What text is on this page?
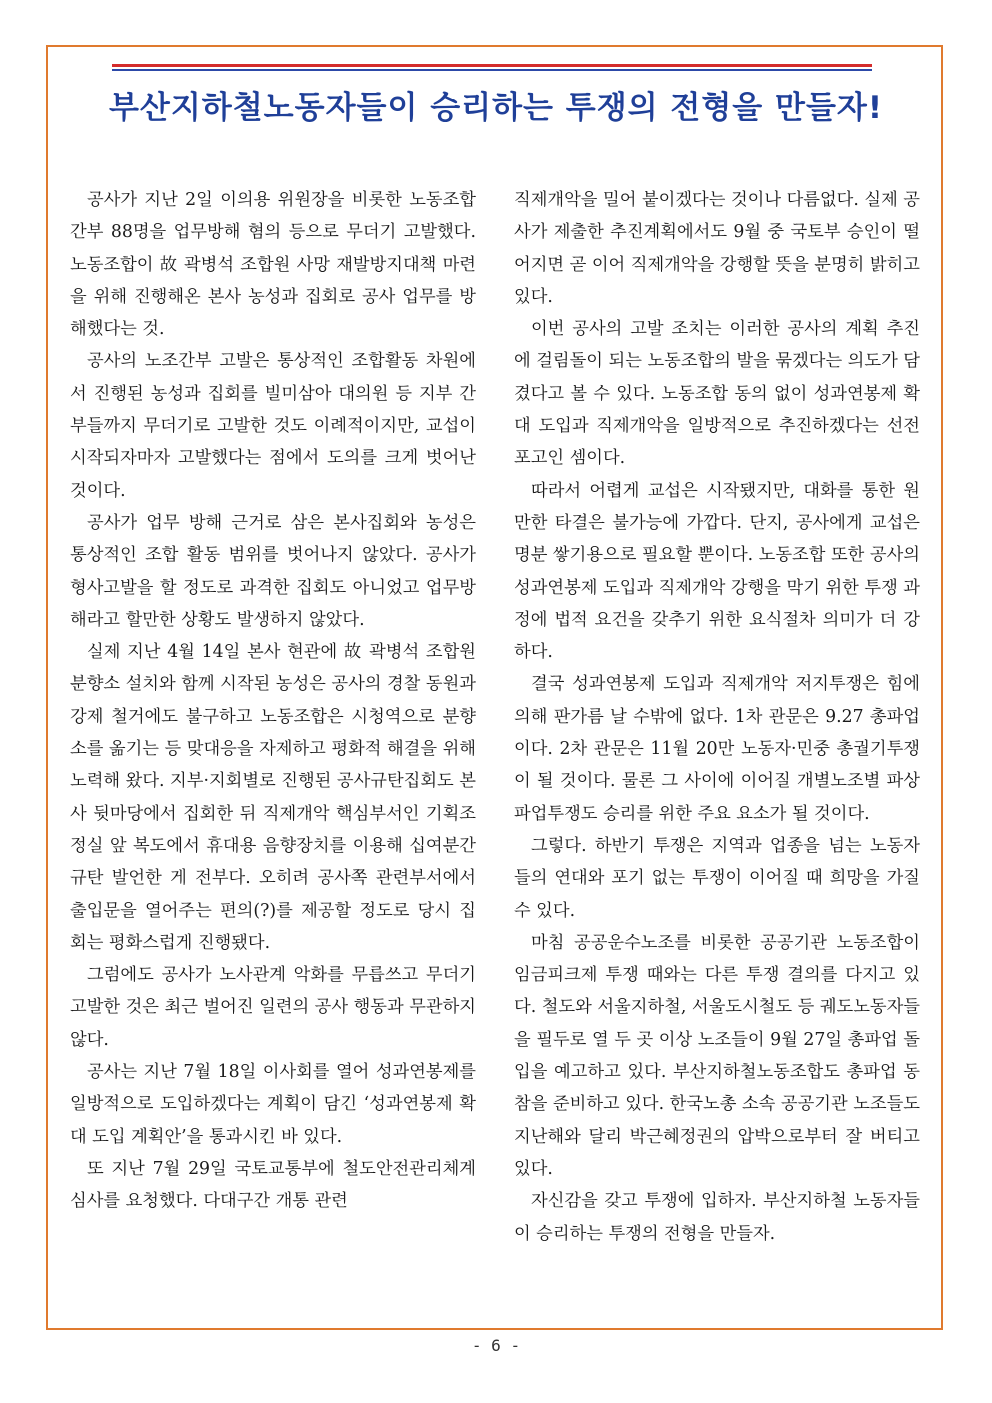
부산지하철노동자들이 승리하는 투쟁의 전형을 만들자!

공사가 지난 2일 이의용 위원장을 비롯한 노동조합 간부 88명을 업무방해 혐의 등으로 무더기 고발했다. 노동조합이 故 곽병석 조합원 사망 재발방지대책 마련을 위해 진행해온 본사 농성과 집회로 공사 업무를 방해했다는 것.

공사의 노조간부 고발은 통상적인 조합활동 차원에서 진행된 농성과 집회를 빌미삼아 대의원 등 지부 간부들까지 무더기로 고발한 것도 이례적이지만, 교섭이 시작되자마자 고발했다는 점에서 도의를 크게 벗어난 것이다.

공사가 업무 방해 근거로 삼은 본사집회와 농성은 통상적인 조합 활동 범위를 벗어나지 않았다. 공사가 형사고발을 할 정도로 과격한 집회도 아니었고 업무방해라고 할만한 상황도 발생하지 않았다.

실제 지난 4월 14일 본사 현관에 故 곽병석 조합원 분향소 설치와 함께 시작된 농성은 공사의 경찰 동원과 강제 철거에도 불구하고 노동조합은 시청역으로 분향소를 옮기는 등 맞대응을 자제하고 평화적 해결을 위해 노력해 왔다. 지부·지회별로 진행된 공사규탄집회도 본사 뒷마당에서 집회한 뒤 직제개악 핵심부서인 기획조정실 앞 복도에서 휴대용 음향장치를 이용해 십여분간 규탄 발언한 게 전부다. 오히려 공사쪽 관련부서에서 출입문을 열어주는 편의(?)를 제공할 정도로 당시 집회는 평화스럽게 진행됐다.

그럼에도 공사가 노사관계 악화를 무릅쓰고 무더기 고발한 것은 최근 벌어진 일련의 공사 행동과 무관하지 않다.

공사는 지난 7월 18일 이사회를 열어 성과연봉제를 일방적으로 도입하겠다는 계획이 담긴 ‘성과연봉제 확대 도입 계획안’을 통과시킨 바 있다.

또 지난 7월 29일 국토교통부에 철도안전관리체계 심사를 요청했다. 다대구간 개통 관련

직제개악을 밀어 붙이겠다는 것이나 다름없다. 실제 공사가 제출한 추진계획에서도 9월 중 국토부 승인이 떨어지면 곧 이어 직제개악을 강행할 뜻을 분명히 밝히고 있다.

이번 공사의 고발 조치는 이러한 공사의 계획 추진에 걸림돌이 되는 노동조합의 발을 묶겠다는 의도가 담겼다고 볼 수 있다. 노동조합 동의 없이 성과연봉제 확대 도입과 직제개악을 일방적으로 추진하겠다는 선전포고인 셈이다.

따라서 어렵게 교섭은 시작됐지만, 대화를 통한 원만한 타결은 불가능에 가깝다. 단지, 공사에게 교섭은 명분 쌓기용으로 필요할 뿐이다. 노동조합 또한 공사의 성과연봉제 도입과 직제개악 강행을 막기 위한 투쟁 과정에 법적 요건을 갖추기 위한 요식절차 의미가 더 강하다.

결국 성과연봉제 도입과 직제개악 저지투쟁은 힘에 의해 판가름 날 수밖에 없다. 1차 관문은 9.27 총파업이다. 2차 관문은 11월 20만 노동자·민중 총궐기투쟁이 될 것이다. 물론 그 사이에 이어질 개별노조별 파상 파업투쟁도 승리를 위한 주요 요소가 될 것이다.

그렇다. 하반기 투쟁은 지역과 업종을 넘는 노동자들의 연대와 포기 없는 투쟁이 이어질 때 희망을 가질 수 있다.

마침 공공운수노조를 비롯한 공공기관 노동조합이 임금피크제 투쟁 때와는 다른 투쟁 결의를 다지고 있다. 철도와 서울지하철, 서울도시철도 등 궤도노동자들을 필두로 열 두 곳 이상 노조들이 9월 27일 총파업 돌입을 예고하고 있다. 부산지하철노동조합도 총파업 동참을 준비하고 있다. 한국노총 소속 공공기관 노조들도 지난해와 달리 박근혜정권의 압박으로부터 잘 버티고 있다.

자신감을 갖고 투쟁에 입하자. 부산지하철 노동자들이 승리하는 투쟁의 전형을 만들자.

- 6 -
